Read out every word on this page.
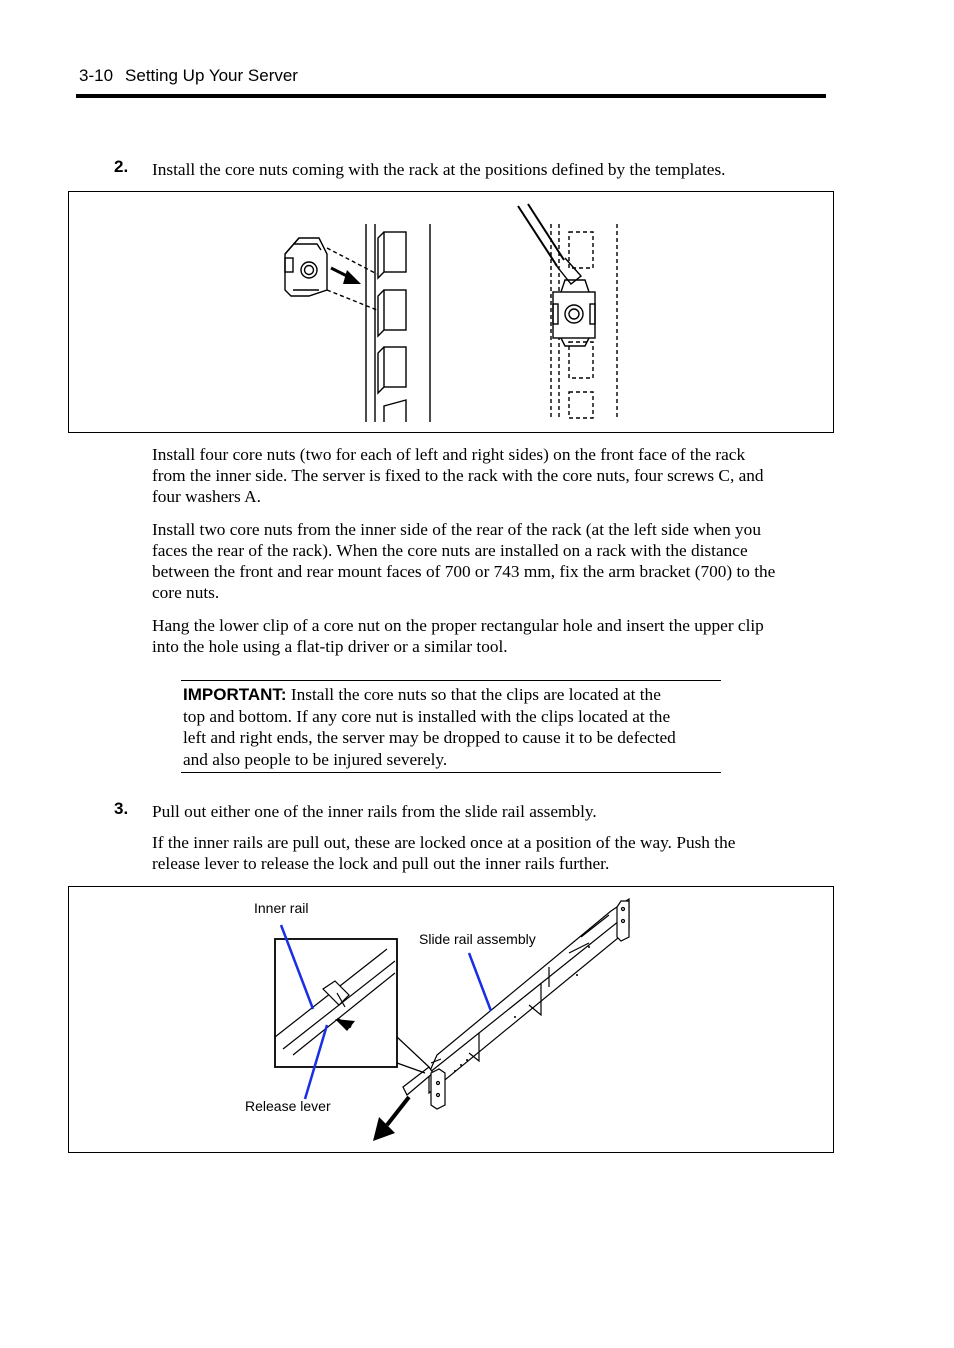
3-10 Setting Up Your Server
2. Install the core nuts coming with the rack at the positions defined by the templates.
Install four core nuts (two for each of left and right sides) on the front face of the rack
from the inner side. The server is fixed to the rack with the core nuts, four screws C, and
four washers A.
Install two core nuts from the inner side of the rear of the rack (at the left side when you
faces the rear of the rack). When the core nuts are installed on a rack with the distance
between the front and rear mount faces of 700 or 743 mm, fix the arm bracket (700) to the
core nuts.
Hang the lower clip of a core nut on the proper rectangular hole and insert the upper clip
into the hole using a flat-tip driver or a similar tool.
IMPORTANT: Install the core nuts so that the clips are located at the
top and bottom. If any core nut is installed with the clips located at the
left and right ends, the server may be dropped to cause it to be defected
and also people to be injured severely.
3. Pull out either one of the inner rails from the slide rail assembly.
If the inner rails are pull out, these are locked once at a position of the way. Push the
release lever to release the lock and pull out the inner rails further.
Inner rail
Slide rail assembly
Release lever
